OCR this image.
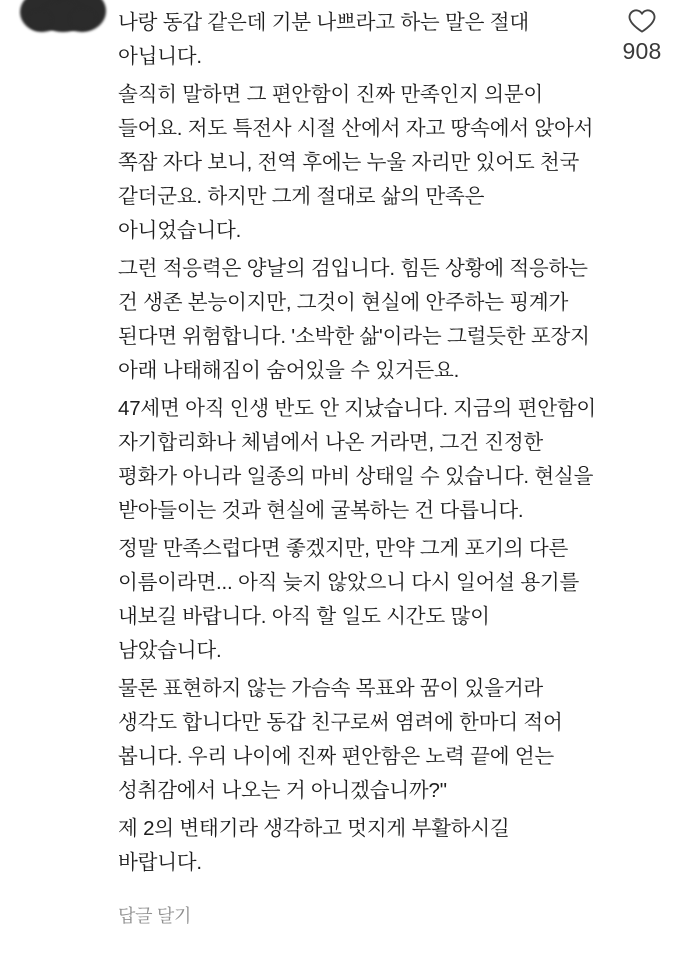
908

나랑 동갑 같은데 기분 나쁘라고 하는 말은 절대 아닙니다.

솔직히 말하면 그 편안함이 진짜 만족인지 의문이 들어요. 저도 특전사 시절 산에서 자고 땅속에서 앉아서 쪽잠 자다 보니, 전역 후에는 누울 자리만 있어도 천국 같더군요. 하지만 그게 절대로 삶의 만족은 아니었습니다.

그런 적응력은 양날의 검입니다. 힘든 상황에 적응하는 건 생존 본능이지만, 그것이 현실에 안주하는 핑계가 된다면 위험합니다. '소박한 삶'이라는 그럴듯한 포장지 아래 나태해짐이 숨어있을 수 있거든요.

47세면 아직 인생 반도 안 지났습니다. 지금의 편안함이 자기합리화나 체념에서 나온 거라면, 그건 진정한 평화가 아니라 일종의 마비 상태일 수 있습니다. 현실을 받아들이는 것과 현실에 굴복하는 건 다릅니다.

정말 만족스럽다면 좋겠지만, 만약 그게 포기의 다른 이름이라면... 아직 늦지 않았으니 다시 일어설 용기를 내보길 바랍니다. 아직 할 일도 시간도 많이 남았습니다.

물론 표현하지 않는 가슴속 목표와 꿈이 있을거라 생각도 합니다만 동갑 친구로써 염려에 한마디 적어 봅니다. 우리 나이에 진짜 편안함은 노력 끝에 얻는 성취감에서 나오는 거 아니겠습니까?"

제 2의 변태기라 생각하고 멋지게 부활하시길 바랍니다.

답글 달기
